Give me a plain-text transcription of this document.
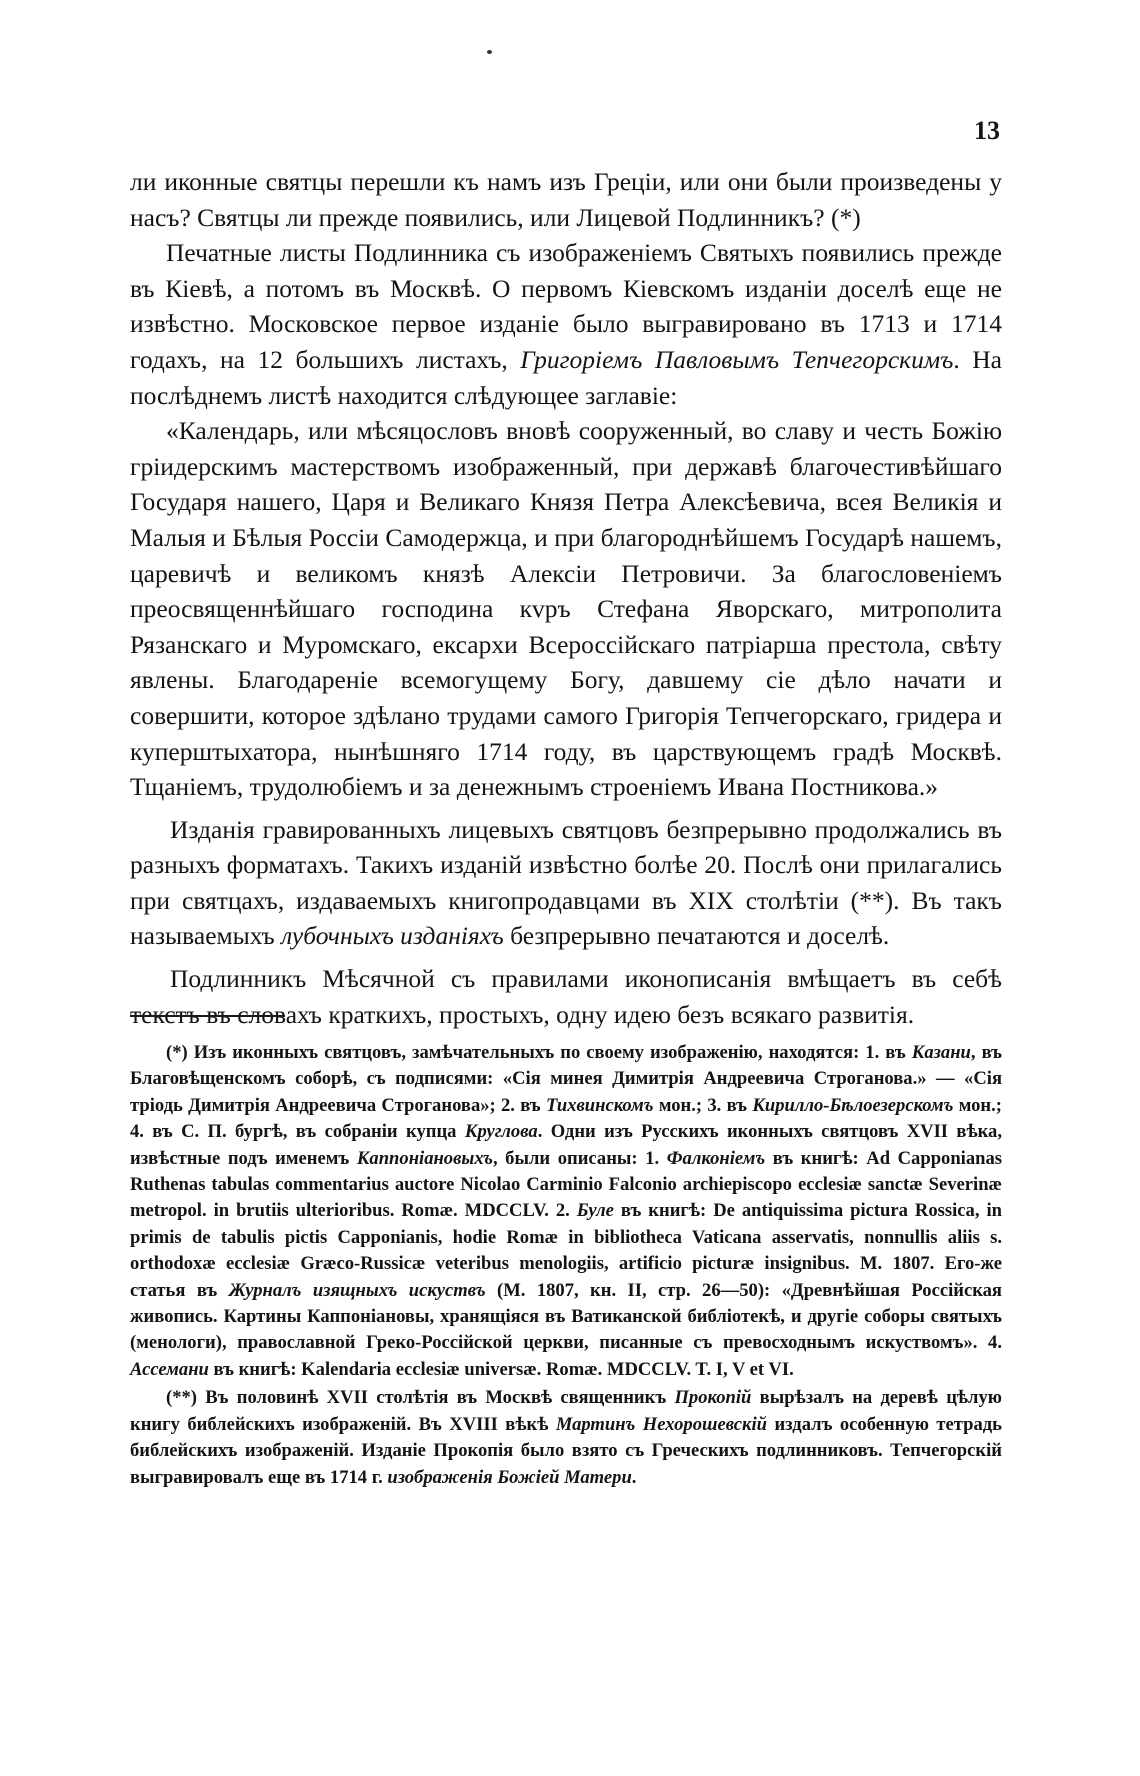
13

ли иконные святцы перешли къ намъ изъ Греціи, или они были произведены у насъ? Святцы ли прежде появились, или Лицевой Подлинникъ? (*)

Печатные листы Подлинника съ изображеніемъ Святыхъ появились прежде въ Кіевѣ, а потомъ въ Москвѣ. О первомъ Кіевскомъ изданіи доселѣ еще не извѣстно. Московское первое изданіе было выгравировано въ 1713 и 1714 годахъ, на 12 большихъ листахъ, Григоріемъ Павловымъ Тепчегорскимъ. На послѣднемъ листѣ находится слѣдующее заглавіе:

«Календарь, или мѣсяцословъ вновѣ сооруженный, во славу и честь Божію гріидерскимъ мастерствомъ изображенный, при державѣ благочестивѣйшаго Государя нашего, Царя и Великаго Князя Петра Алексѣевича, всея Великія и Малыя и Бѣлыя Россіи Самодержца, и при благороднѣйшемъ Государѣ нашемъ, царевичѣ и великомъ князѣ Алексіи Петровичи. За благословеніемъ преосвященнѣйшаго господина кvръ Стефана Яворскаго, митрополита Рязанскаго и Муромскаго, ексархи Всероссійскаго патріарша престола, свѣту явлены. Благодареніе всемогущему Богу, давшему сіе дѣло начати и совершити, которое здѣлано трудами самого Григорія Тепчегорскаго, гридера и куперштыхатора, нынѣшняго 1714 году, въ царствующемъ градѣ Москвѣ. Тщаніемъ, трудолюбіемъ и за денежнымъ строеніемъ Ивана Постникова.»

Изданія гравированныхъ лицевыхъ святцовъ безпрерывно продолжались въ разныхъ форматахъ. Такихъ изданій извѣстно болѣе 20. Послѣ они прилагались при святцахъ, издаваемыхъ книгопродавцами въ XIX столѣтіи (**). Въ такъ называемыхъ лубочныхъ изданіяхъ безпрерывно печатаются и доселѣ.

Подлинникъ Мѣсячной съ правилами иконописанія вмѣщаетъ въ себѣ текстъ въ словахъ краткихъ, простыхъ, одну идею безъ всякаго развитія.

(*) Изъ иконныхъ святцовъ, замѣчательныхъ по своему изображенію, находятся: 1. въ Казани, въ Благовѣщенскомъ соборѣ, съ подписями: «Сія минея Димитрія Андреевича Строганова.» — «Сія тріодь Димитрія Андреевича Строганова»; 2. въ Тихвинскомъ мон.; 3. въ Кирилло-Бѣлоезерскомъ мон.; 4. въ С. П. бургѣ, въ собраніи купца Круглова. Одни изъ Русскихъ иконныхъ святцовъ XVII вѣка, извѣстные подъ именемъ Каппоніановыхъ, были описаны: 1. Фалконіемъ въ книгѣ: Ad Capponianas Ruthenas tabulas commentarius auctore Nicolao Carminio Falconio archiepiscopo ecclesiæ sanctæ Severinæ metropol. in brutiis ulterioribus. Romæ. MDCCLV. 2. Буле въ книгѣ: De antiquissima pictura Rossica, in primis de tabulis pictis Capponianis, hodie Romæ in bibliotheca Vaticana asservatis, nonnullis aliis s. orthodoxæ ecclesiæ Græco-Russicæ veteribus menologiis, artificio picturæ insignibus. M. 1807. Его-же статья въ Журналъ изящныхъ искуствъ (М. 1807, кн. II, стр. 26—50): «Древнѣйшая Россійская живопись. Картины Каппоніановы, хранящіяся въ Ватиканской библіотекѣ, и другіе соборы святыхъ (менологи), православной Греко-Россійской церкви, писанные съ превосходнымъ искуствомъ». 4. Ассемани въ книгѣ: Kalendaria ecclesiæ universæ. Romæ. MDCCLV. T. I, V et VI.

(**) Въ половинѣ XVII столѣтія въ Москвѣ священникъ Прокопій вырѣзалъ на деревѣ цѣлую книгу библейскихъ изображеній. Въ XVIII вѣкѣ Мартинъ Нехорошевскій издалъ особенную тетрадь библейскихъ изображеній. Изданіе Прокопія было взято съ Греческихъ подлинниковъ. Тепчегорскій выгравировалъ еще въ 1714 г. изображенія Божіей Матери.
